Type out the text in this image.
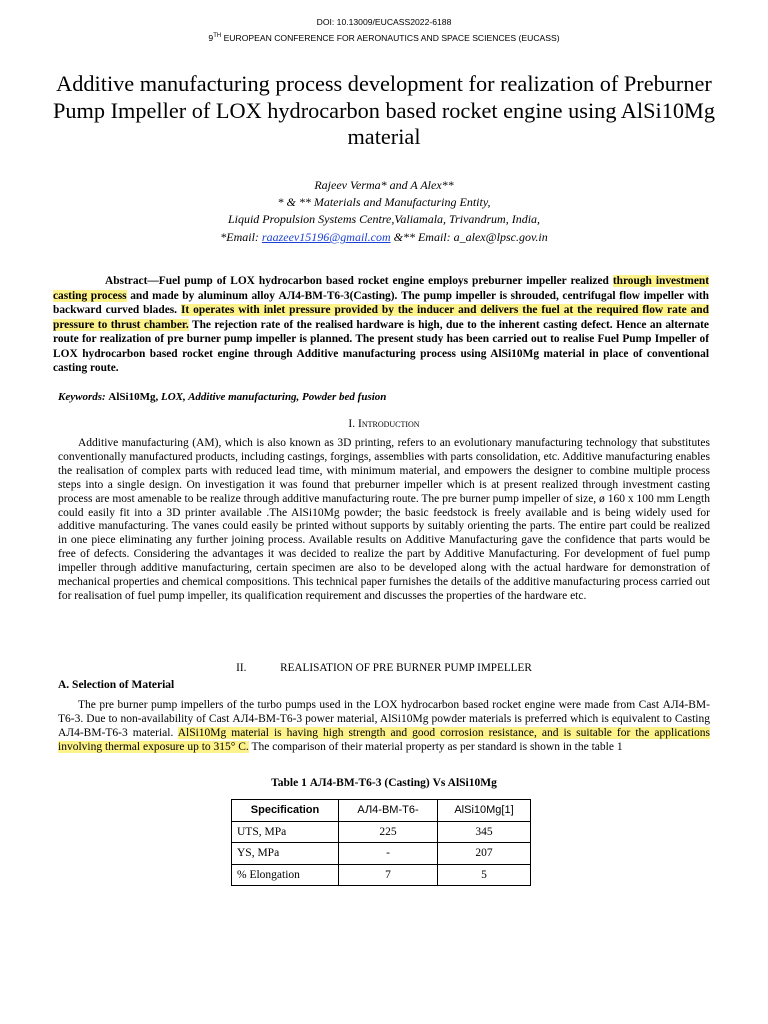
DOI: 10.13009/EUCASS2022-6188
9TH EUROPEAN CONFERENCE FOR AERONAUTICS AND SPACE SCIENCES (EUCASS)
Additive manufacturing process development for realization of Preburner Pump Impeller of LOX hydrocarbon based rocket engine using AlSi10Mg material
Rajeev Verma* and A Alex**
* & ** Materials and Manufacturing Entity,
Liquid Propulsion Systems Centre,Valiamala, Trivandrum, India,
*Email: raazeev15196@gmail.com &** Email: a_alex@lpsc.gov.in
Abstract—Fuel pump of LOX hydrocarbon based rocket engine employs preburner impeller realized through investment casting process and made by aluminum alloy АЛ4-ВМ-Т6-3(Casting). The pump impeller is shrouded, centrifugal flow impeller with backward curved blades. It operates with inlet pressure provided by the inducer and delivers the fuel at the required flow rate and pressure to thrust chamber. The rejection rate of the realised hardware is high, due to the inherent casting defect. Hence an alternate route for realization of pre burner pump impeller is planned. The present study has been carried out to realise Fuel Pump Impeller of LOX hydrocarbon based rocket engine through Additive manufacturing process using AlSi10Mg material in place of conventional casting route.
Keywords: AlSi10Mg, LOX, Additive manufacturing, Powder bed fusion
I. Introduction
Additive manufacturing (AM), which is also known as 3D printing, refers to an evolutionary manufacturing technology that substitutes conventionally manufactured products, including castings, forgings, assemblies with parts consolidation, etc. Additive manufacturing enables the realisation of complex parts with reduced lead time, with minimum material, and empowers the designer to combine multiple process steps into a single design. On investigation it was found that preburner impeller which is at present realized through investment casting process are most amenable to be realize through additive manufacturing route. The pre burner pump impeller of size, ø 160 x 100 mm Length could easily fit into a 3D printer available .The AlSi10Mg powder; the basic feedstock is freely available and is being widely used for additive manufacturing. The vanes could easily be printed without supports by suitably orienting the parts. The entire part could be realized in one piece eliminating any further joining process. Available results on Additive Manufacturing gave the confidence that parts would be free of defects. Considering the advantages it was decided to realize the part by Additive Manufacturing. For development of fuel pump impeller through additive manufacturing, certain specimen are also to be developed along with the actual hardware for demonstration of mechanical properties and chemical compositions. This technical paper furnishes the details of the additive manufacturing process carried out for realisation of fuel pump impeller, its qualification requirement and discusses the properties of the hardware etc.
II.	REALISATION OF PRE BURNER PUMP IMPELLER
A. Selection of Material
The pre burner pump impellers of the turbo pumps used in the LOX hydrocarbon based rocket engine were made from Cast АЛ4-ВМ-Т6-3. Due to non-availability of Cast АЛ4-ВМ-Т6-3 power material, AlSi10Mg powder materials is preferred which is equivalent to Casting АЛ4-ВМ-Т6-3 material. AlSi10Mg material is having high strength and good corrosion resistance, and is suitable for the applications involving thermal exposure up to 315° C. The comparison of their material property as per standard is shown in the table 1
Table 1 АЛ4-ВМ-Т6-3 (Casting) Vs AlSi10Mg
Specification	АЛ4-ВМ-Т6-	AlSi10Mg[1]
UTS, MPa	225	345
YS, MPa	-	207
% Elongation	7	5
